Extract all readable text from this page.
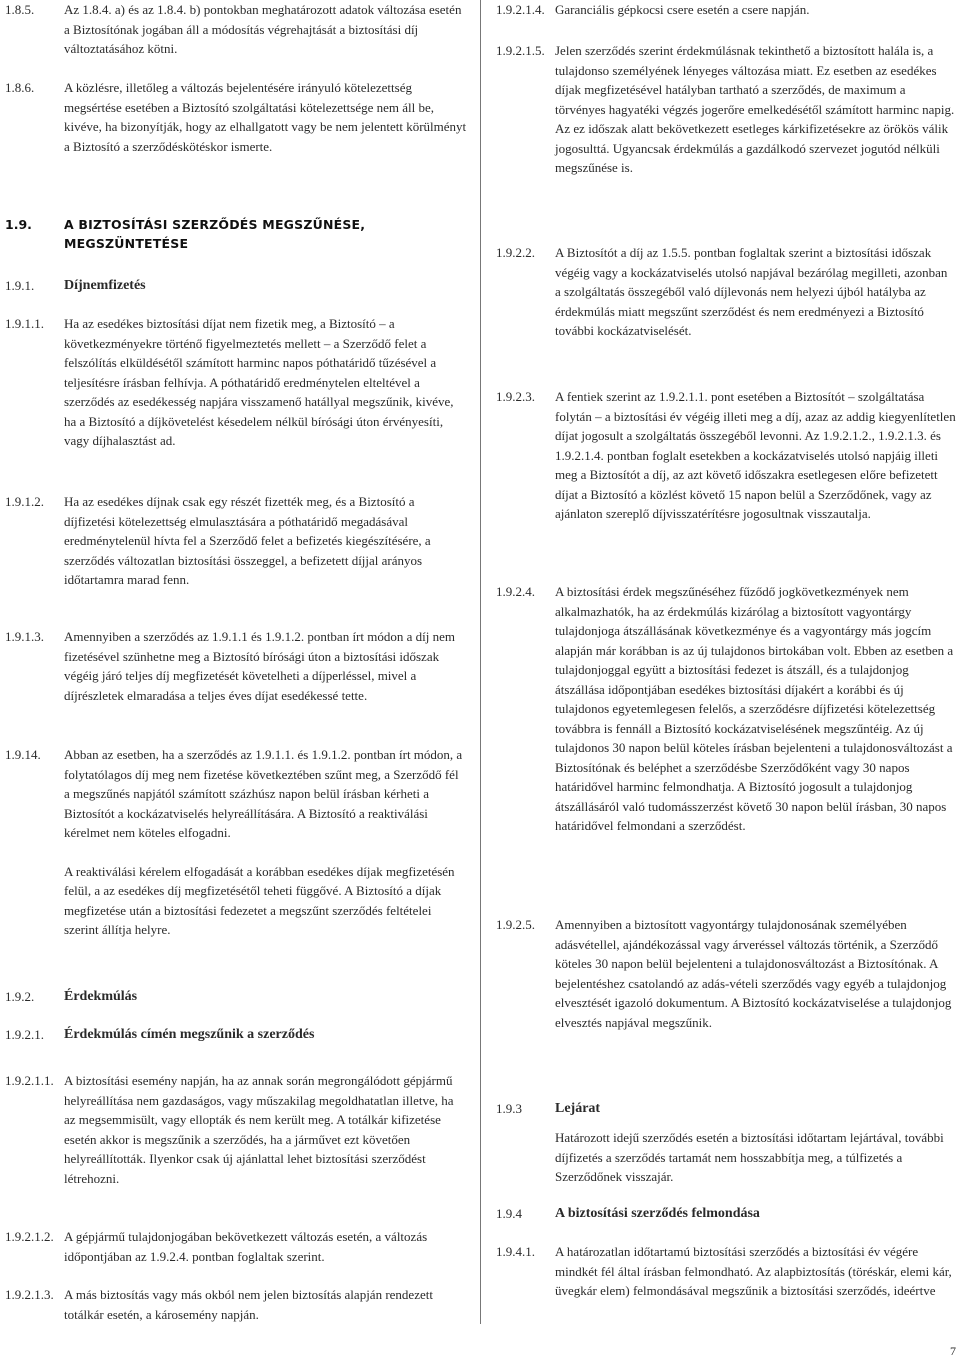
1.8.5. Az 1.8.4. a) és az 1.8.4. b) pontokban meghatározott adatok változása esetén a Biztosítónak jogában áll a módosítás végrehajtását a biztosítási díj változtatásához kötni.

1.8.6. A közlésre, illetőleg a változás bejelentésére irányuló kötelezettség megsértése esetében a Biztosító szolgáltatási kötelezettsége nem áll be, kivéve, ha bizonyítják, hogy az elhallgatott vagy be nem jelentett körülményt a Biztosító a szerződéskötéskor ismerte.

1.9.	A BIZTOSÍTÁSI SZERZŐDÉS MEGSZŰNÉSE, MEGSZÜNTETÉSE

1.9.1. Díjnemfizetés

1.9.1.1. Ha az esedékes biztosítási díjat nem fizetik meg, a Biztosító – a következményekre történő figyelmeztetés mellett – a Szerződő felet a felszólítás elküldésétől számított harminc napos póthatáridő tűzésével a teljesítésre írásban felhívja. A póthatáridő eredménytelen elteltével a szerződés az esedékesség napjára visszamenő hatállyal megszűnik, kivéve, ha a Biztosító a díjkövetelést késedelem nélkül bírósági úton érvényesíti, vagy díjhalasztást ad.

1.9.1.2. Ha az esedékes díjnak csak egy részét fizették meg, és a Biztosító a díjfizetési kötelezettség elmulasztására a póthatáridő megadásával eredménytelenül hívta fel a Szerződő felet a befizetés kiegészítésére, a szerződés változatlan biztosítási összeggel, a befizetett díjjal arányos időtartamra marad fenn.

1.9.1.3. Amennyiben a szerződés az 1.9.1.1 és 1.9.1.2. pontban írt módon a díj nem fizetésével szünhetne meg a Biztosító bírósági úton a biztosítási időszak végéig járó teljes díj megfizetését követelheti a díjperléssel, mivel a díjrészletek elmaradása a teljes éves díjat esedékessé tette.

1.9.14. Abban az esetben, ha a szerződés az 1.9.1.1. és 1.9.1.2. pontban írt módon, a folytatólagos díj meg nem fizetése következtében szűnt meg, a Szerződő fél a megszűnés napjától számított százhúsz napon belül írásban kérheti a Biztosítót a kockázatviselés helyreállítására. A Biztosító a reaktiválási kérelmet nem köteles elfogadni.

A reaktiválási kérelem elfogadását a korábban esedékes díjak megfizetésén felül, a az esedékes díj megfizetésétől teheti függővé. A Biztosító a díjak megfizetése után a biztosítási fedezetet a megszűnt szerződés feltételei szerint állítja helyre.

1.9.2. Érdekmúlás

1.9.2.1. Érdekmúlás címén megszűnik a szerződés

1.9.2.1.1. A biztosítási esemény napján, ha az annak során megrongálódott gépjármű helyreállítása nem gazdaságos, vagy műszakilag megoldhatatlan illetve, ha az megsemmisült, vagy ellopták és nem került meg. A totálkár kifizetése esetén akkor is megszűnik a szerződés, ha a járművet ezt követően helyreállították. Ilyenkor csak új ajánlattal lehet biztosítási szerződést létrehozni.

1.9.2.1.2. A gépjármű tulajdonjogában bekövetkezett változás esetén, a változás időpontjában az 1.9.2.4. pontban foglaltak szerint.

1.9.2.1.3. A más biztosítás vagy más okból nem jelen biztosítás alapján rendezett totálkár esetén, a károsemény napján.

1.9.2.1.4. Garanciális gépkocsi csere esetén a csere napján.

1.9.2.1.5. Jelen szerződés szerint érdekmúlásnak tekinthető a biztosított halála is, a tulajdonso személyének lényeges változása miatt. Ez esetben az esedékes díjak megfizetésével hatályban tartható a szerződés, de maximum a törvényes hagyatéki végzés jogerőre emelkedésétől számított harminc napig. Az ez időszak alatt bekövetkezett esetleges kárkifizetésekre az örökös válik jogosulttá. Ugyancsak érdekmúlás a gazdálkodó szervezet jogutód nélküli megszűnése is.

1.9.2.2. A Biztosítót a díj az 1.5.5. pontban foglaltak szerint a biztosítási időszak végéig vagy a kockázatviselés utolsó napjával bezárólag megilleti, azonban a szolgáltatás összegéből való díjlevonás nem helyezi újból hatályba az érdekmúlás miatt megszűnt szerződést és nem eredményezi a Biztosító további kockázatviselését.

1.9.2.3. A fentiek szerint az 1.9.2.1.1. pont esetében a Biztosítót – szolgáltatása folytán – a biztosítási év végéig illeti meg a díj, azaz az addig kiegyenlítetlen díjat jogosult a szolgáltatás összegéből levonni. Az 1.9.2.1.2., 1.9.2.1.3. és 1.9.2.1.4. pontban foglalt esetekben a kockázatviselés utolsó napjáig illeti meg a Biztosítót a díj, az azt követő időszakra esetlegesen előre befizetett díjat a Biztosító a közlést követő 15 napon belül a Szerződőnek, vagy az ajánlaton szereplő díjvisszatérítésre jogosultnak visszautalja.

1.9.2.4. A biztosítási érdek megszűnéséhez fűződő jogkövetkezmények nem alkalmazhatók, ha az érdekmúlás kizárólag a biztosított vagyontárgy tulajdonjoga átszállásának következménye és a vagyontárgy más jogcím alapján már korábban is az új tulajdonos birtokában volt. Ebben az esetben a tulajdonjoggal együtt a biztosítási fedezet is átszáll, és a tulajdonjog átszállása időpontjában esedékes biztosítási díjakért a korábbi és új tulajdonos egyetemlegesen felelős, a szerződésre díjfizetési kötelezettség továbbra is fennáll a Biztosító kockázatviselésének megszűntéig. Az új tulajdonos 30 napon belül köteles írásban bejelenteni a tulajdonosváltozást a Biztosítónak és beléphet a szerződésbe Szerződőként vagy 30 napos határidővel harminc felmondhatja. A Biztosító jogosult a tulajdonjog átszállásáról való tudomásszerzést követő 30 napon belül írásban, 30 napos határidővel felmondani a szerződést.

1.9.2.5. Amennyiben a biztosított vagyontárgy tulajdonosának személyében adásvétellel, ajándékozással vagy árveréssel változás történik, a Szerződő köteles 30 napon belül bejelenteni a tulajdonosváltozást a Biztosítónak. A bejelentéshez csatolandó az adás-vételi szerződés vagy egyéb a tulajdonjog elvesztését igazoló dokumentum. A Biztosító kockázatviselése a tulajdonjog elvesztés napjával megszűnik.

1.9.3 Lejárat

Határozott idejű szerződés esetén a biztosítási időtartam lejártával, további díjfizetés a szerződés tartamát nem hosszabbítja meg, a túlfizetés a Szerződőnek visszajár.

1.9.4 A biztosítási szerződés felmondása

1.9.4.1. A határozatlan időtartamú biztosítási szerződés a biztosítási év végére mindkét fél által írásban felmondható. Az alapbiztosítás (töréskár, elemi kár, üvegkár elem) felmondásával megszűnik a biztosítási szerződés, ideértve

7
